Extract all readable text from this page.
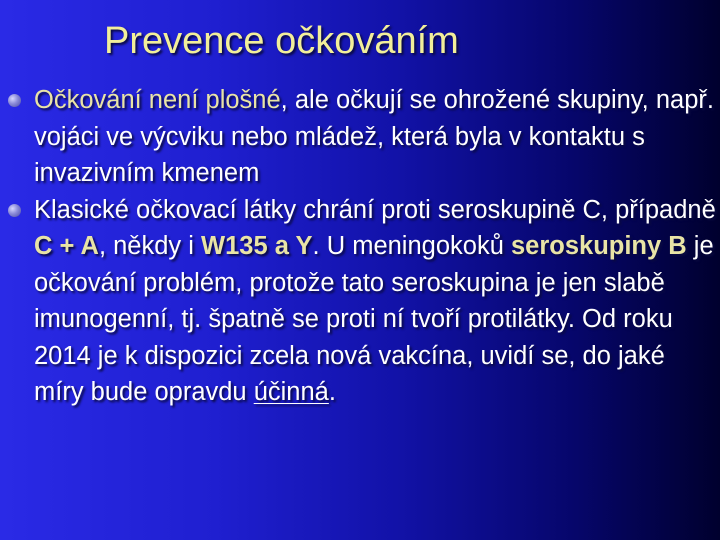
Prevence očkováním
Očkování není plošné, ale očkují se ohrožené skupiny, např. vojáci ve výcviku nebo mládež, která byla v kontaktu s invazivním kmenem
Klasické očkovací látky chrání proti seroskupině C, případně C + A, někdy i W135 a Y. U meningokoků seroskupiny B je očkování problém, protože tato seroskupina je jen slabě imunogenní, tj. špatně se proti ní tvoří protilátky. Od roku 2014 je k dispozici zcela nová vakcína, uvidí se, do jaké míry bude opravdu účinná.
